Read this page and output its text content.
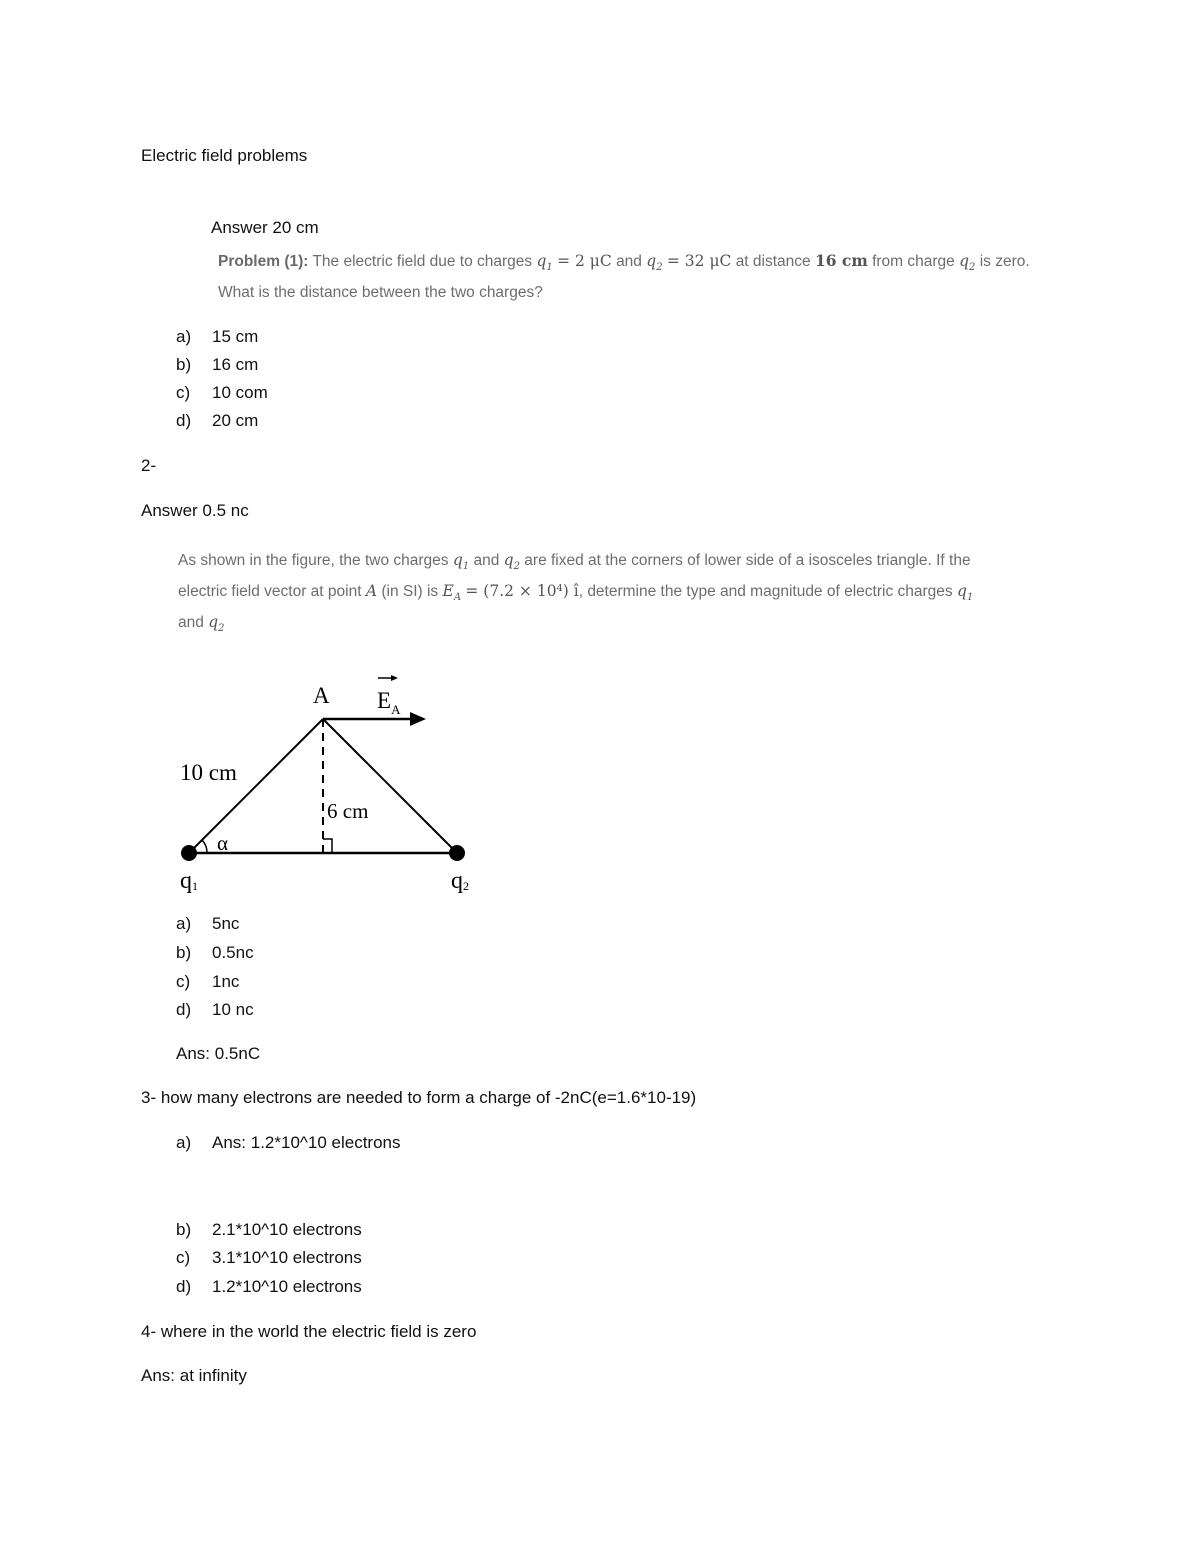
Electric field problems
Answer 20 cm
Problem (1): The electric field due to charges $q_1 = 2$ μC and $q_2 = 32$ μC at distance 16 cm from charge $q_2$ is zero.
What is the distance between the two charges?
a) 15 cm
b) 16 cm
c) 10 com
d) 20 cm
2-
Answer 0.5 nc
As shown in the figure, the two charges $q_1$ and $q_2$ are fixed at the corners of lower side of a isosceles triangle. If the
electric field vector at point A (in SI) is $E_A = (7.2 \times 10^4)$ î, determine the type and magnitude of electric charges $q_1$
and $q_2$
A $E_A$
10 cm
6 cm
α
q1	q2
a) 5nc
b) 0.5nc
c) 1nc
d) 10 nc
Ans: 0.5nC
3- how many electrons are needed to form a charge of -2nC(e=1.6*10-19)
a) Ans: 1.2*10^10 electrons
b) 2.1*10^10 electrons
c) 3.1*10^10 electrons
d) 1.2*10^10 electrons
4- where in the world the electric field is zero
Ans: at infinity
